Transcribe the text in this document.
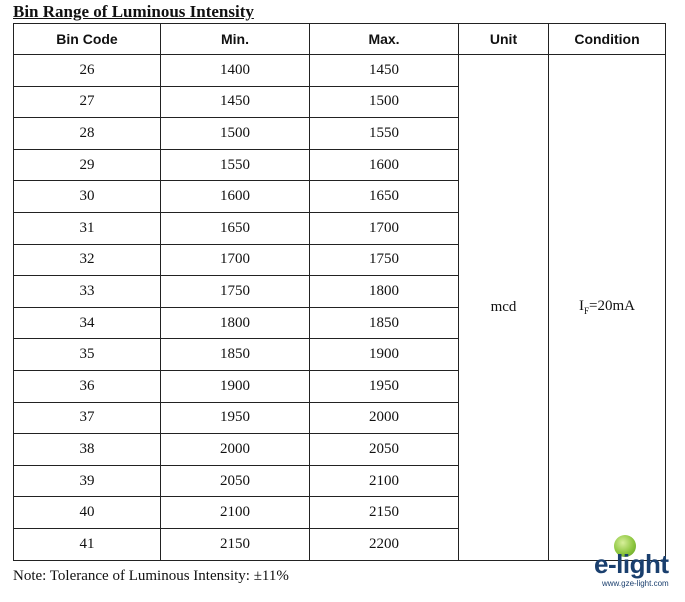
Bin Range of Luminous Intensity
Bin Code	Min.	Max.	Unit	Condition
26	1400	1450	mcd	$I_F=20mA$
27	1450	1500		
28	1500	1550		
29	1550	1600		
30	1600	1650		
31	1650	1700		
32	1700	1750		
33	1750	1800		
34	1800	1850		
35	1850	1900		
36	1900	1950		
37	1950	2000		
38	2000	2050		
39	2050	2100		
40	2100	2150		
41	2150	2200		
Note: Tolerance of Luminous Intensity: ±11%	e-light
www.gze-light.com
